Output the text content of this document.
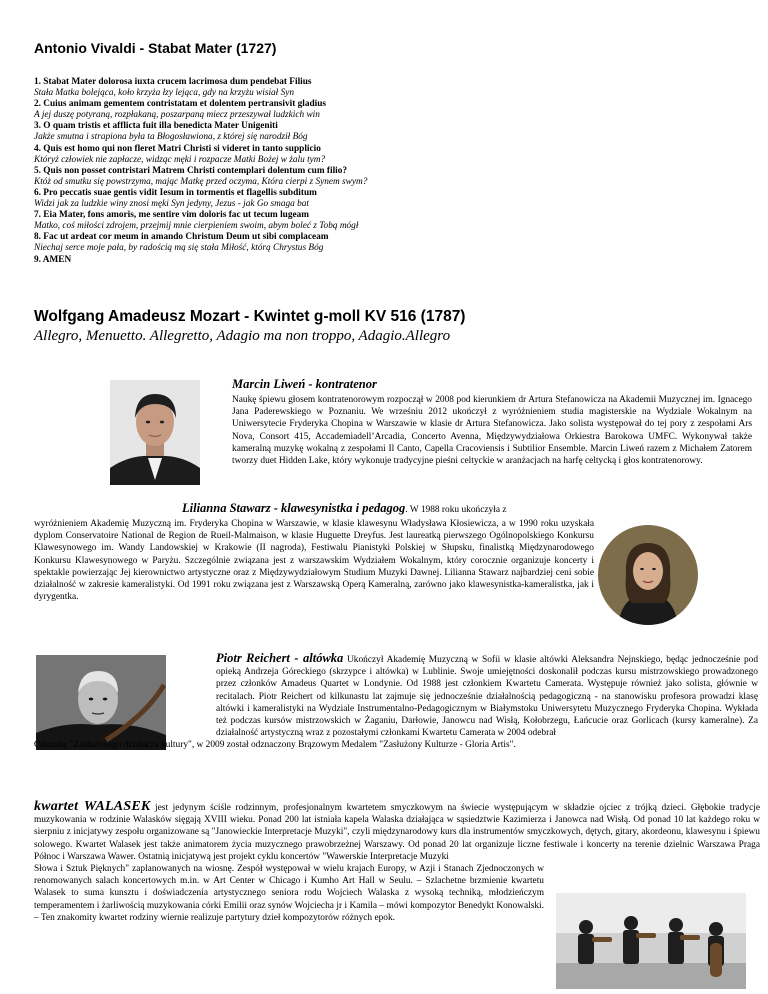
Antonio Vivaldi - Stabat Mater (1727)
1. Stabat Mater dolorosa iuxta crucem lacrimosa dum pendebat Filius
Stała Matka bolejąca, koło krzyża łzy lejąca, gdy na krzyżu wisiał Syn
2. Cuius animam gementem contristatam et dolentem pertransivit gladius
A jej duszę potyraną, rozpłakaną, poszarpaną miecz przeszywał ludzkich win
3. O quam tristis et afflicta fuit illa benedicta Mater Unigeniti
Jakże smutna i strapiona była ta Błogosławiona, z której się narodził Bóg
4. Quis est homo qui non fleret Matri Christi si videret in tanto supplicio
Któryż człowiek nie zapłacze, widząc męki i rozpacze Matki Bożej w żalu tym?
5. Quis non posset contristari Matrem Christi contemplari dolentum cum filio?
Któż od smutku się powstrzyma, mając Matkę przed oczyma, Która cierpi z Synem swym?
6. Pro peccatis suae gentis vidit Iesum in tormentis et flagellis subditum
Widzi jak za ludzkie winy znosi męki Syn jedyny, Jezus - jak Go smaga bat
7. Eia Mater, fons amoris, me sentire vim doloris fac ut tecum lugeam
Matko, coś miłości zdrojem, przejmij mnie cierpieniem swoim, abym boleć z Tobą mógł
8. Fac ut ardeat cor meum in amando Christum Deum ut sibi complaceam
Niechaj serce moje pała, by radością mą się stała Miłość, którą Chrystus Bóg
9. AMEN
Wolfgang Amadeusz Mozart - Kwintet g-moll KV 516 (1787)
Allegro, Menuetto. Allegretto, Adagio ma non troppo, Adagio.Allegro
Marcin Liweń - kontratenor
Naukę śpiewu głosem kontratenorowym rozpoczął w 2008 pod kierunkiem dr Artura Stefanowicza na Akademii Muzycznej im. Ignacego Jana Paderewskiego w Poznaniu. We wrześniu 2012 ukończył z wyróżnieniem studia magisterskie na Wydziale Wokalnym na Uniwersytecie Fryderyka Chopina w Warszawie w klasie dr Artura Stefanowicza. Jako solista występował do tej pory z zespołami Ars Nova, Consort 415, Accademiadell’Arcadia, Concerto Avenna, Międzywydziałowa Orkiestra Barokowa UMFC. Wykonywał także kameralną muzykę wokalną z zespołami Il Canto, Capella Cracoviensis i Subtilior Ensemble. Marcin Liweń razem z Michałem Zatorem tworzy duet Hidden Lake, który wykonuje tradycyjne pieśni celtyckie w aranżacjach na harfę celtycką i głos kontratenorowy.
Lilianna Stawarz - klawesynistka i pedagog. W 1988 roku ukończyła z
wyróżnieniem Akademię Muzyczną im. Fryderyka Chopina w Warszawie, w klasie klawesynu Władysława Kłosiewicza, a w 1990 roku uzyskała dyplom Conservatoire National de Region de Rueil-Malmaison, w klasie Huguette Dreyfus. Jest laureatką pierwszego Ogólnopolskiego Konkursu Klawesynowego im. Wandy Landowskiej w Krakowie (II nagroda), Festiwalu Pianistyki Polskiej w Słupsku, finalistką Międzynarodowego Konkursu Klawesynowego w Paryżu. Szczególnie związana jest z warszawskim Wydziałem Wokalnym, który corocznie organizuje koncerty i spektakle powierzając Jej kierownictwo artystyczne oraz z Międzywydziałowym Studium Muzyki Dawnej. Lilianna Stawarz najbardziej ceni sobie działalność w zakresie kameralistyki. Od 1991 roku związana jest z Warszawską Operą Kameralną, zarówno jako klawesynistka-kameralistka, jak i dyrygentka.
Piotr Reichert - altówka Ukończył Akademię Muzyczną w Sofii w klasie altówki Aleksandra Nejnskiego, będąc jednocześnie pod opieką Andrzeja Góreckiego (skrzypce i altówka) w Lublinie. Swoje umiejętności doskonalił podczas kursu mistrzowskiego prowadzonego przez członków Amadeus Quartet w Londynie. Od 1988 jest członkiem Kwartetu Camerata. Występuje również jako solista, głównie w recitalach. Piotr Reichert od kilkunastu lat zajmuje się jednocześnie działalnością pedagogiczną - na stanowisku profesora prowadzi klasę altówki i kameralistyki na Wydziale Instrumentalno-Pedagogicznym w Białymstoku Uniwersytetu Muzycznego Fryderyka Chopina. Wykłada też podczas kursów mistrzowskich w Żaganiu, Darłowie, Janowcu nad Wisłą, Kołobrzegu, Łańcucie oraz Gorlicach (kursy kameralne). Za działalność artystyczną wraz z pozostałymi członkami Kwartetu Camerata w 2004 odebrał
Odznakę "Zasłużonego działacza kultury", w 2009 został odznaczony Brązowym Medalem "Zasłużony Kulturze - Gloria Artis".
kwartet WALASEK jest jedynym ściśle rodzinnym, profesjonalnym kwartetem smyczkowym na świecie występującym w składzie ojciec z trójką dzieci. Głębokie tradycje muzykowania w rodzinie Walasków sięgają XVIII wieku. Ponad 200 lat istniała kapela Walaska działająca w sąsiedztwie Kazimierza i Janowca nad Wisłą. Od ponad 10 lat każdego roku w sierpniu z inicjatywy zespołu organizowane są "Janowieckie Interpretacje Muzyki", czyli międzynarodowy kurs dla instrumentów smyczkowych, dętych, gitary, akordeonu, klawesynu i śpiewu solowego. Kwartet Walasek jest także animatorem życia muzycznego prawobrzeżnej Warszawy. Od ponad 20 lat organizuje liczne festiwale i koncerty na terenie dzielnic Warszawa Praga Północ i Warszawa Wawer. Ostatnią inicjatywą jest projekt cyklu koncertów "Wawerskie Interpretacje Muzyki
Słowa i Sztuk Pięknych" zaplanowanych na wiosnę. Zespół występował w wielu krajach Europy, w Azji i Stanach Zjednoczonych w renomowanych salach koncertowych m.in. w Art Center w Chicago i Kumho Art Hall w Seulu. – Szlachetne brzmienie kwartetu Walasek to suma kunsztu i doświadczenia artystycznego seniora rodu Wojciech Walaska z wysoką techniką, młodzieńczym temperamentem i żarliwością muzykowania córki Emilii oraz synów Wojciecha jr i Kamila – mówi kompozytor Benedykt Konowalski. – Ten znakomity kwartet rodziny wiernie realizuje partytury dzieł kompozytorów różnych epok.
